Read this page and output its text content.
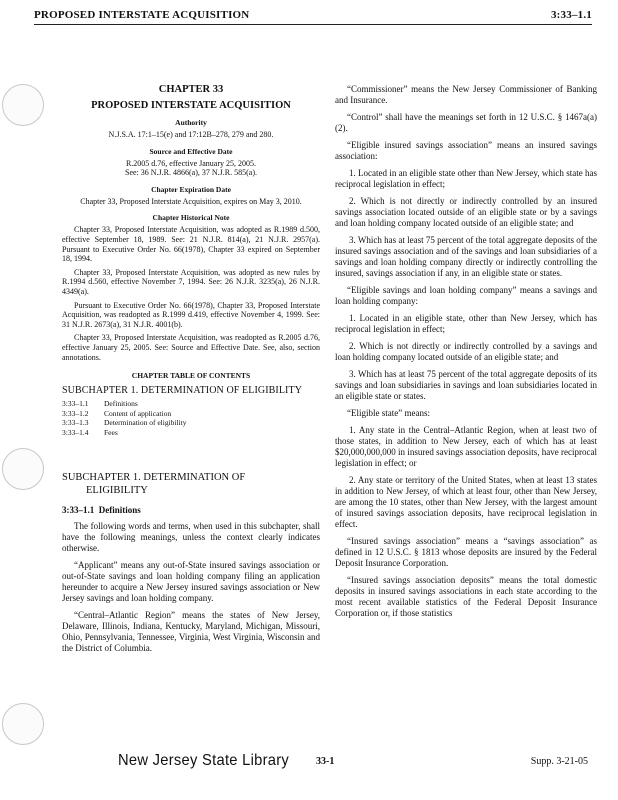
PROPOSED INTERSTATE ACQUISITION	3:33–1.1
CHAPTER 33
PROPOSED INTERSTATE ACQUISITION
Authority
N.J.S.A. 17:1–15(e) and 17:12B–278, 279 and 280.
Source and Effective Date
R.2005 d.76, effective January 25, 2005.
See: 36 N.J.R. 4866(a), 37 N.J.R. 585(a).
Chapter Expiration Date
Chapter 33, Proposed Interstate Acquisition, expires on May 3, 2010.
Chapter Historical Note
Chapter 33, Proposed Interstate Acquisition, was adopted as R.1989 d.500, effective September 18, 1989. See: 21 N.J.R. 814(a), 21 N.J.R. 2957(a). Pursuant to Executive Order No. 66(1978), Chapter 33 expired on September 18, 1994.
Chapter 33, Proposed Interstate Acquisition, was adopted as new rules by R.1994 d.560, effective November 7, 1994. See: 26 N.J.R. 3235(a), 26 N.J.R. 4349(a).
Pursuant to Executive Order No. 66(1978), Chapter 33, Proposed Interstate Acquisition, was readopted as R.1999 d.419, effective November 4, 1999. See: 31 N.J.R. 2673(a), 31 N.J.R. 4001(b).
Chapter 33, Proposed Interstate Acquisition, was readopted as R.2005 d.76, effective January 25, 2005. See: Source and Effective Date. See, also, section annotations.
CHAPTER TABLE OF CONTENTS
SUBCHAPTER 1. DETERMINATION OF ELIGIBILITY
3:33–1.1	Definitions
3:33–1.2	Content of application
3:33–1.3	Determination of eligibility
3:33–1.4	Fees
SUBCHAPTER 1. DETERMINATION OF
ELIGIBILITY
3:33–1.1 Definitions

The following words and terms, when used in this subchapter, shall have the following meanings, unless the context clearly indicates otherwise.

“Applicant” means any out-of-State insured savings association or out-of-State savings and loan holding company filing an application hereunder to acquire a New Jersey insured savings association or New Jersey savings and loan holding company.

“Central–Atlantic Region” means the states of New Jersey, Delaware, Illinois, Indiana, Kentucky, Maryland, Michigan, Missouri, Ohio, Pennsylvania, Tennessee, Virginia, West Virginia, Wisconsin and the District of Columbia.

“Commissioner” means the New Jersey Commissioner of Banking and Insurance.

“Control” shall have the meanings set forth in 12 U.S.C. § 1467a(a)(2).

“Eligible insured savings association” means an insured savings association:

1. Located in an eligible state other than New Jersey, which state has reciprocal legislation in effect;

2. Which is not directly or indirectly controlled by an insured savings association located outside of an eligible state or by a savings and loan holding company located outside of an eligible state; and

3. Which has at least 75 percent of the total aggregate deposits of the insured savings association and of the savings and loan subsidiaries of a savings and loan holding company directly or indirectly controlling the insured, savings association if any, in an eligible state or states.

“Eligible savings and loan holding company” means a savings and loan holding company:

1. Located in an eligible state, other than New Jersey, which has reciprocal legislation in effect;

2. Which is not directly or indirectly controlled by a savings and loan holding company located outside of an eligible state; and

3. Which has at least 75 percent of the total aggregate deposits of its savings and loan subsidiaries in savings and loan subsidiaries located in an eligible state or states.

“Eligible state” means:

1. Any state in the Central–Atlantic Region, when at least two of those states, in addition to New Jersey, each of which has at least $20,000,000,000 in insured savings association deposits, have reciprocal legislation in effect; or

2. Any state or territory of the United States, when at least 13 states in addition to New Jersey, of which at least four, other than New Jersey, are among the 10 states, other than New Jersey, with the largest amount of insured savings association deposits, have reciprocal legislation in effect.

“Insured savings association” means a “savings association” as defined in 12 U.S.C. § 1813 whose deposits are insured by the Federal Deposit Insurance Corporation.

“Insured savings association deposits” means the total domestic deposits in insured savings associations in each state according to the most recent available statistics of the Federal Deposit Insurance Corporation or, if those statistics

New Jersey State Library	33-1	Supp. 3-21-05
